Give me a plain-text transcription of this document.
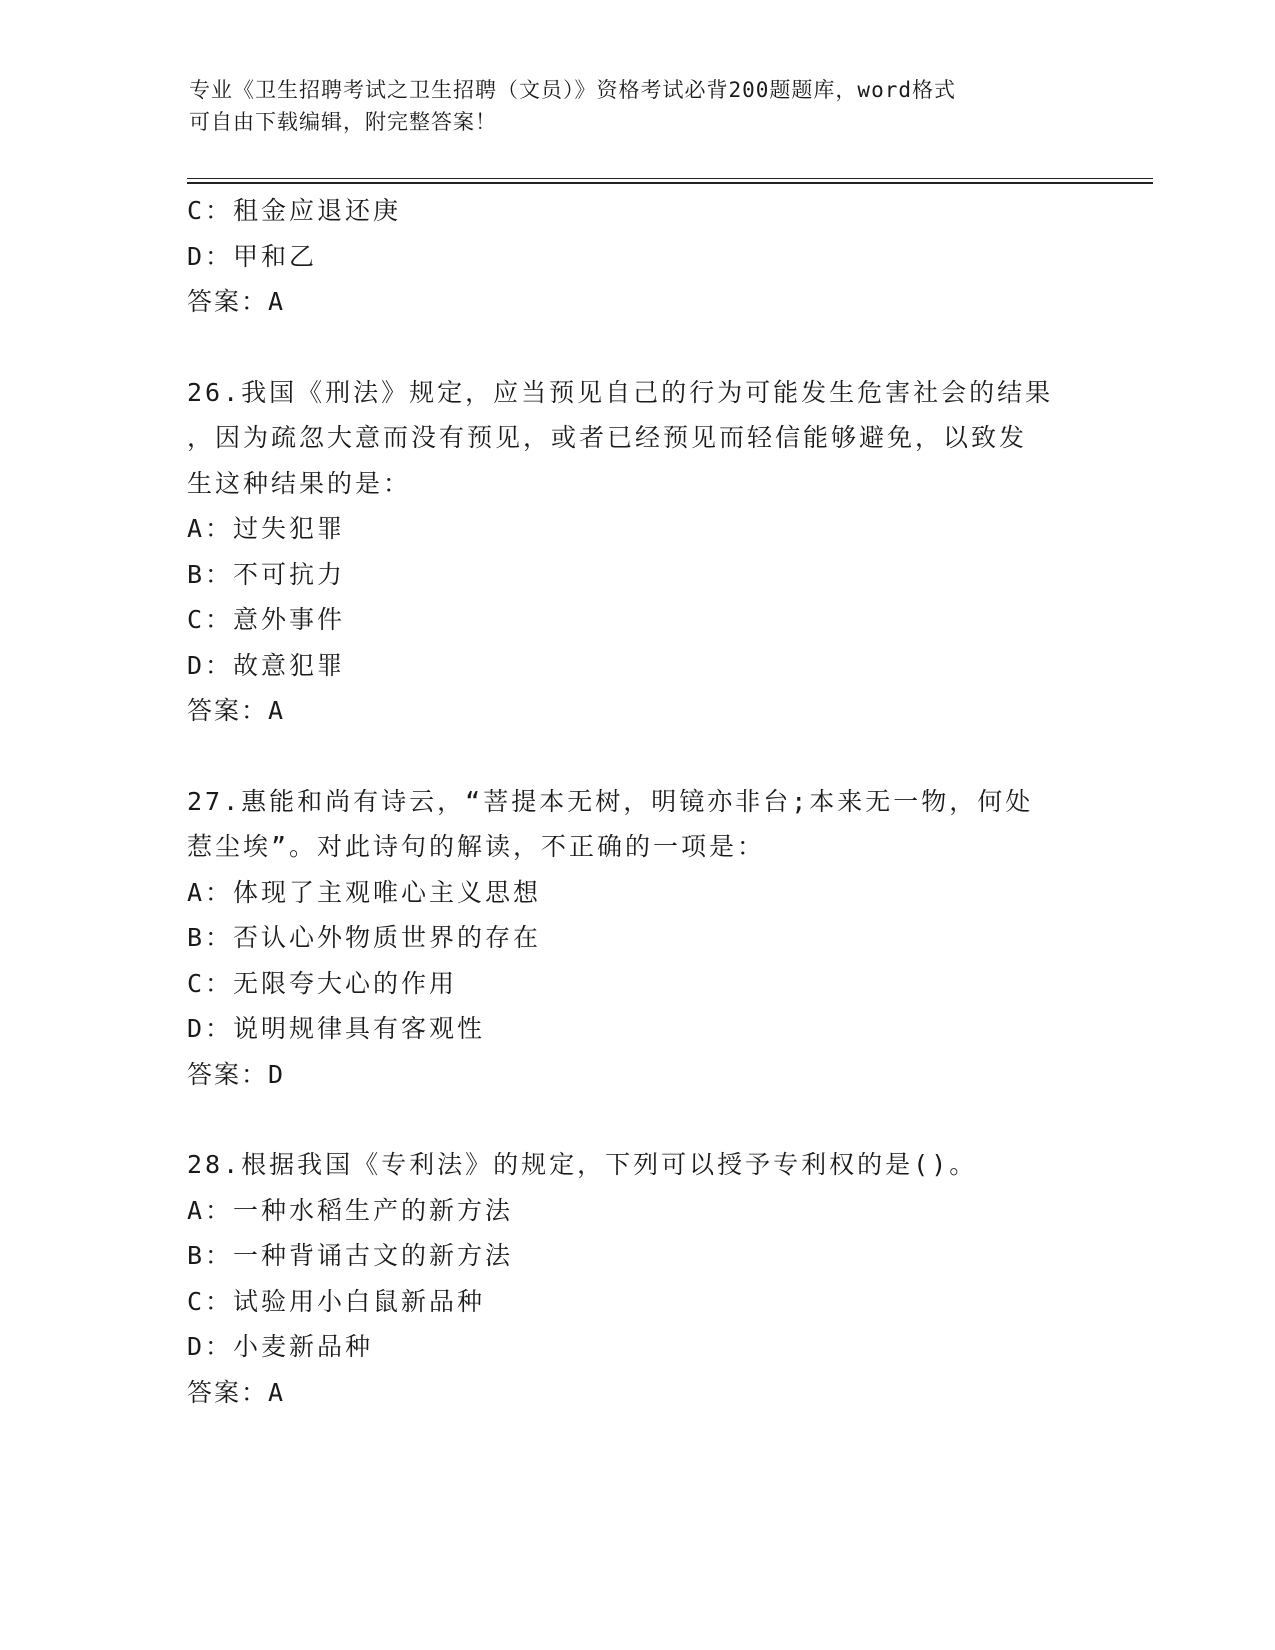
专业《卫生招聘考试之卫生招聘（文员）》资格考试必背200题题库，word格式
可自由下载编辑，附完整答案！
C：租金应退还庚
D：甲和乙
答案：A
26.我国《刑法》规定，应当预见自己的行为可能发生危害社会的结果
，因为疏忽大意而没有预见，或者已经预见而轻信能够避免，以致发
生这种结果的是：
A：过失犯罪
B：不可抗力
C：意外事件
D：故意犯罪
答案：A
27.惠能和尚有诗云，“菩提本无树，明镜亦非台;本来无一物，何处
惹尘埃”。对此诗句的解读，不正确的一项是：
A：体现了主观唯心主义思想
B：否认心外物质世界的存在
C：无限夸大心的作用
D：说明规律具有客观性
答案：D
28.根据我国《专利法》的规定，下列可以授予专利权的是()。
A：一种水稻生产的新方法
B：一种背诵古文的新方法
C：试验用小白鼠新品种
D：小麦新品种
答案：A
